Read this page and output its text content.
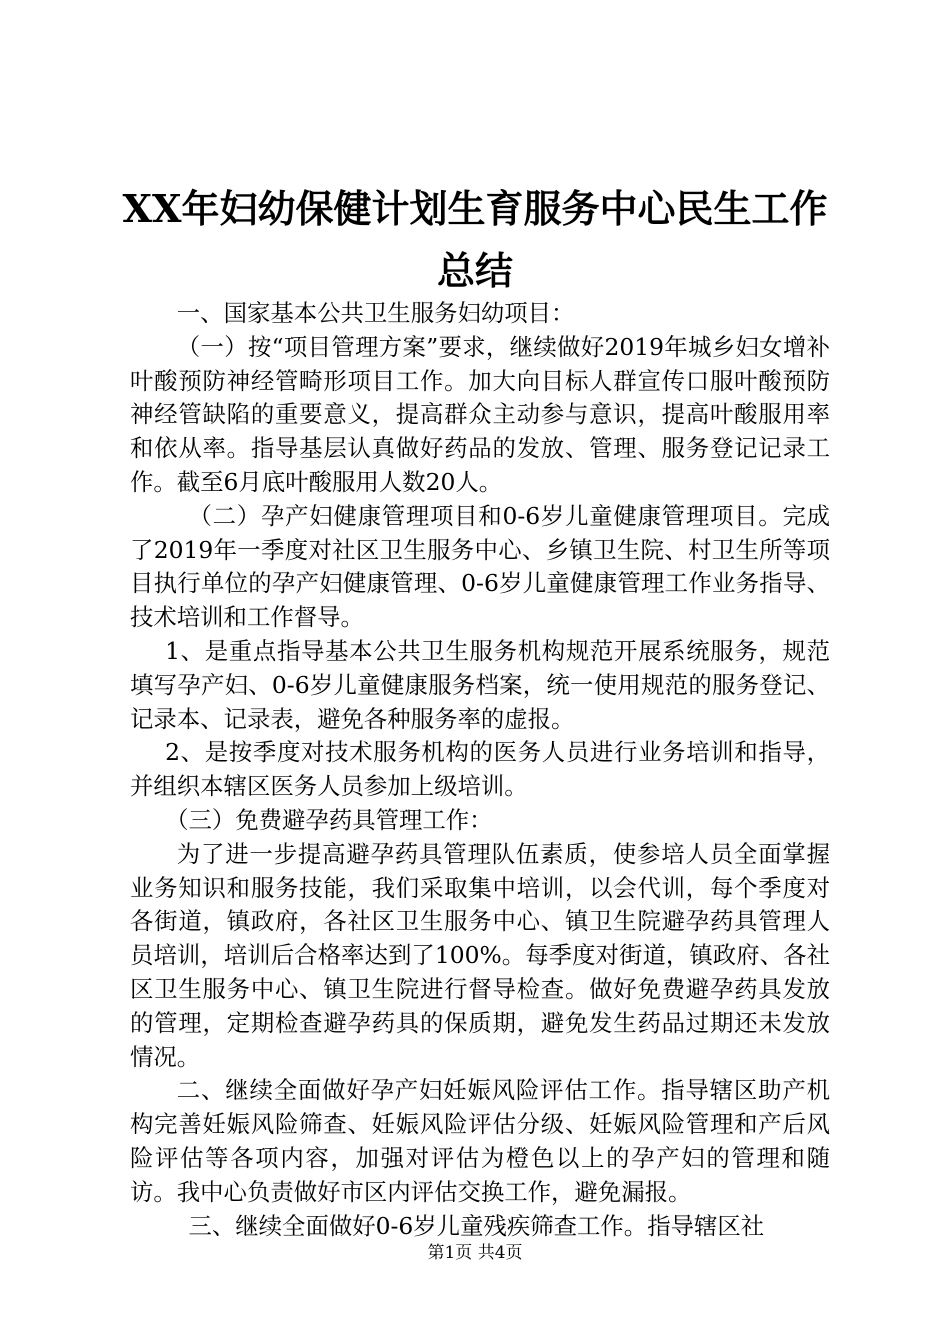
XX年妇幼保健计划生育服务中心民生工作总结

一、国家基本公共卫生服务妇幼项目：

（一）按“项目管理方案”要求，继续做好2019年城乡妇女增补叶酸预防神经管畸形项目工作。加大向目标人群宣传口服叶酸预防神经管缺陷的重要意义，提高群众主动参与意识，提高叶酸服用率和依从率。指导基层认真做好药品的发放、管理、服务登记记录工作。截至6月底叶酸服用人数20人。

（二）孕产妇健康管理项目和0-6岁儿童健康管理项目。完成了2019年一季度对社区卫生服务中心、乡镇卫生院、村卫生所等项目执行单位的孕产妇健康管理、0-6岁儿童健康管理工作业务指导、技术培训和工作督导。

1、是重点指导基本公共卫生服务机构规范开展系统服务，规范填写孕产妇、0-6岁儿童健康服务档案，统一使用规范的服务登记、记录本、记录表，避免各种服务率的虚报。

2、是按季度对技术服务机构的医务人员进行业务培训和指导，并组织本辖区医务人员参加上级培训。

（三）免费避孕药具管理工作：

为了进一步提高避孕药具管理队伍素质，使参培人员全面掌握业务知识和服务技能，我们采取集中培训，以会代训，每个季度对各街道，镇政府，各社区卫生服务中心、镇卫生院避孕药具管理人员培训，培训后合格率达到了100%。每季度对街道，镇政府、各社区卫生服务中心、镇卫生院进行督导检查。做好免费避孕药具发放的管理，定期检查避孕药具的保质期，避免发生药品过期还未发放情况。

二、继续全面做好孕产妇妊娠风险评估工作。指导辖区助产机构完善妊娠风险筛查、妊娠风险评估分级、妊娠风险管理和产后风险评估等各项内容，加强对评估为橙色以上的孕产妇的管理和随访。我中心负责做好市区内评估交换工作，避免漏报。

三、继续全面做好0-6岁儿童残疾筛查工作。指导辖区社

第1页 共4页
